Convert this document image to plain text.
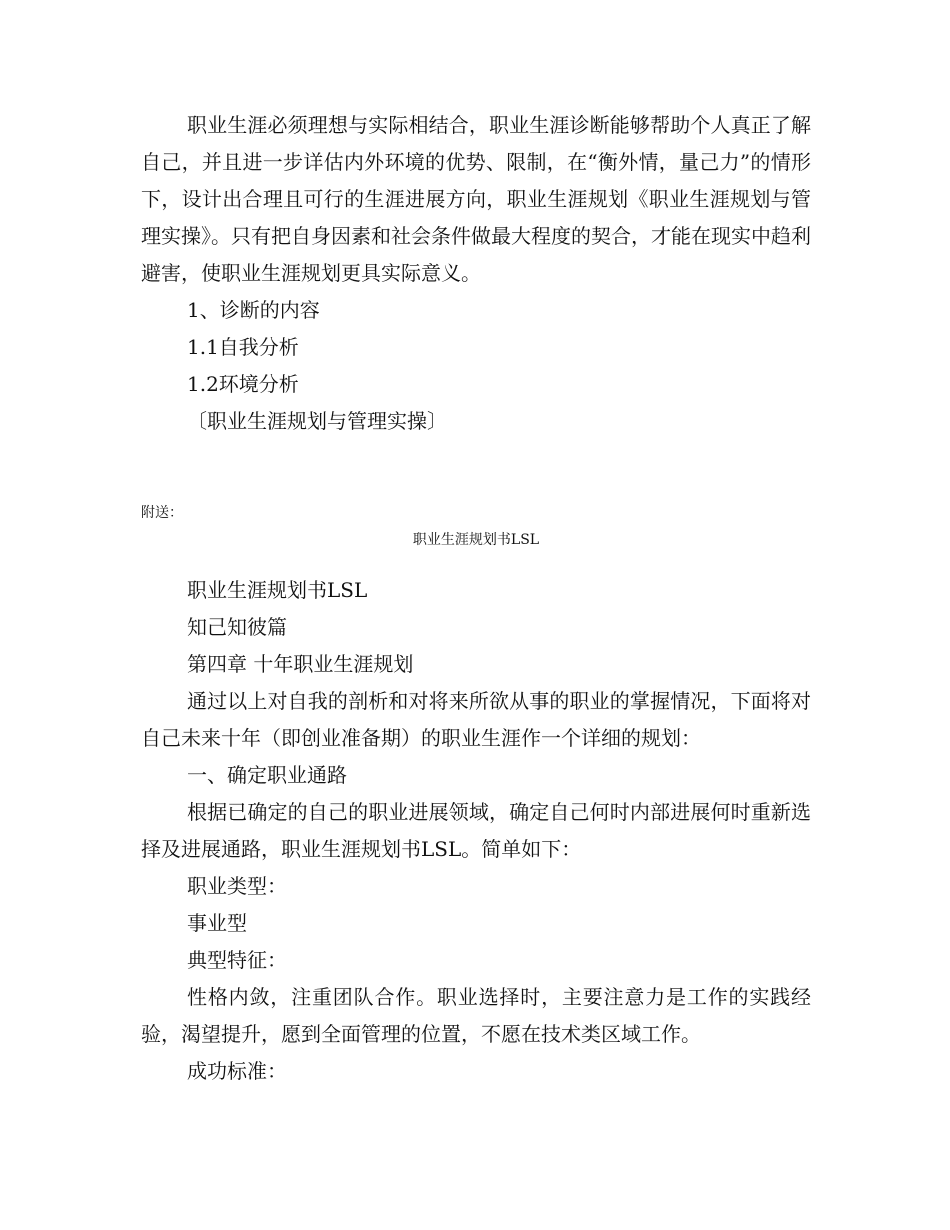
职业生涯必须理想与实际相结合，职业生涯诊断能够帮助个人真正了解自己，并且进一步详估内外环境的优势、限制，在“衡外情，量己力”的情形下，设计出合理且可行的生涯进展方向，职业生涯规划《职业生涯规划与管理实操》。只有把自身因素和社会条件做最大程度的契合，才能在现实中趋利避害，使职业生涯规划更具实际意义。

1、诊断的内容

1.1自我分析

1.2环境分析

〔职业生涯规划与管理实操〕

附送：
职业生涯规划书LSL

职业生涯规划书LSL

知己知彼篇

第四章 十年职业生涯规划

通过以上对自我的剖析和对将来所欲从事的职业的掌握情况，下面将对自己未来十年（即创业准备期）的职业生涯作一个详细的规划：

一、确定职业通路

根据已确定的自己的职业进展领域，确定自己何时内部进展何时重新选择及进展通路，职业生涯规划书LSL。简单如下：

职业类型：

事业型

典型特征：

性格内敛，注重团队合作。职业选择时，主要注意力是工作的实践经验，渴望提升，愿到全面管理的位置，不愿在技术类区域工作。

成功标准：
